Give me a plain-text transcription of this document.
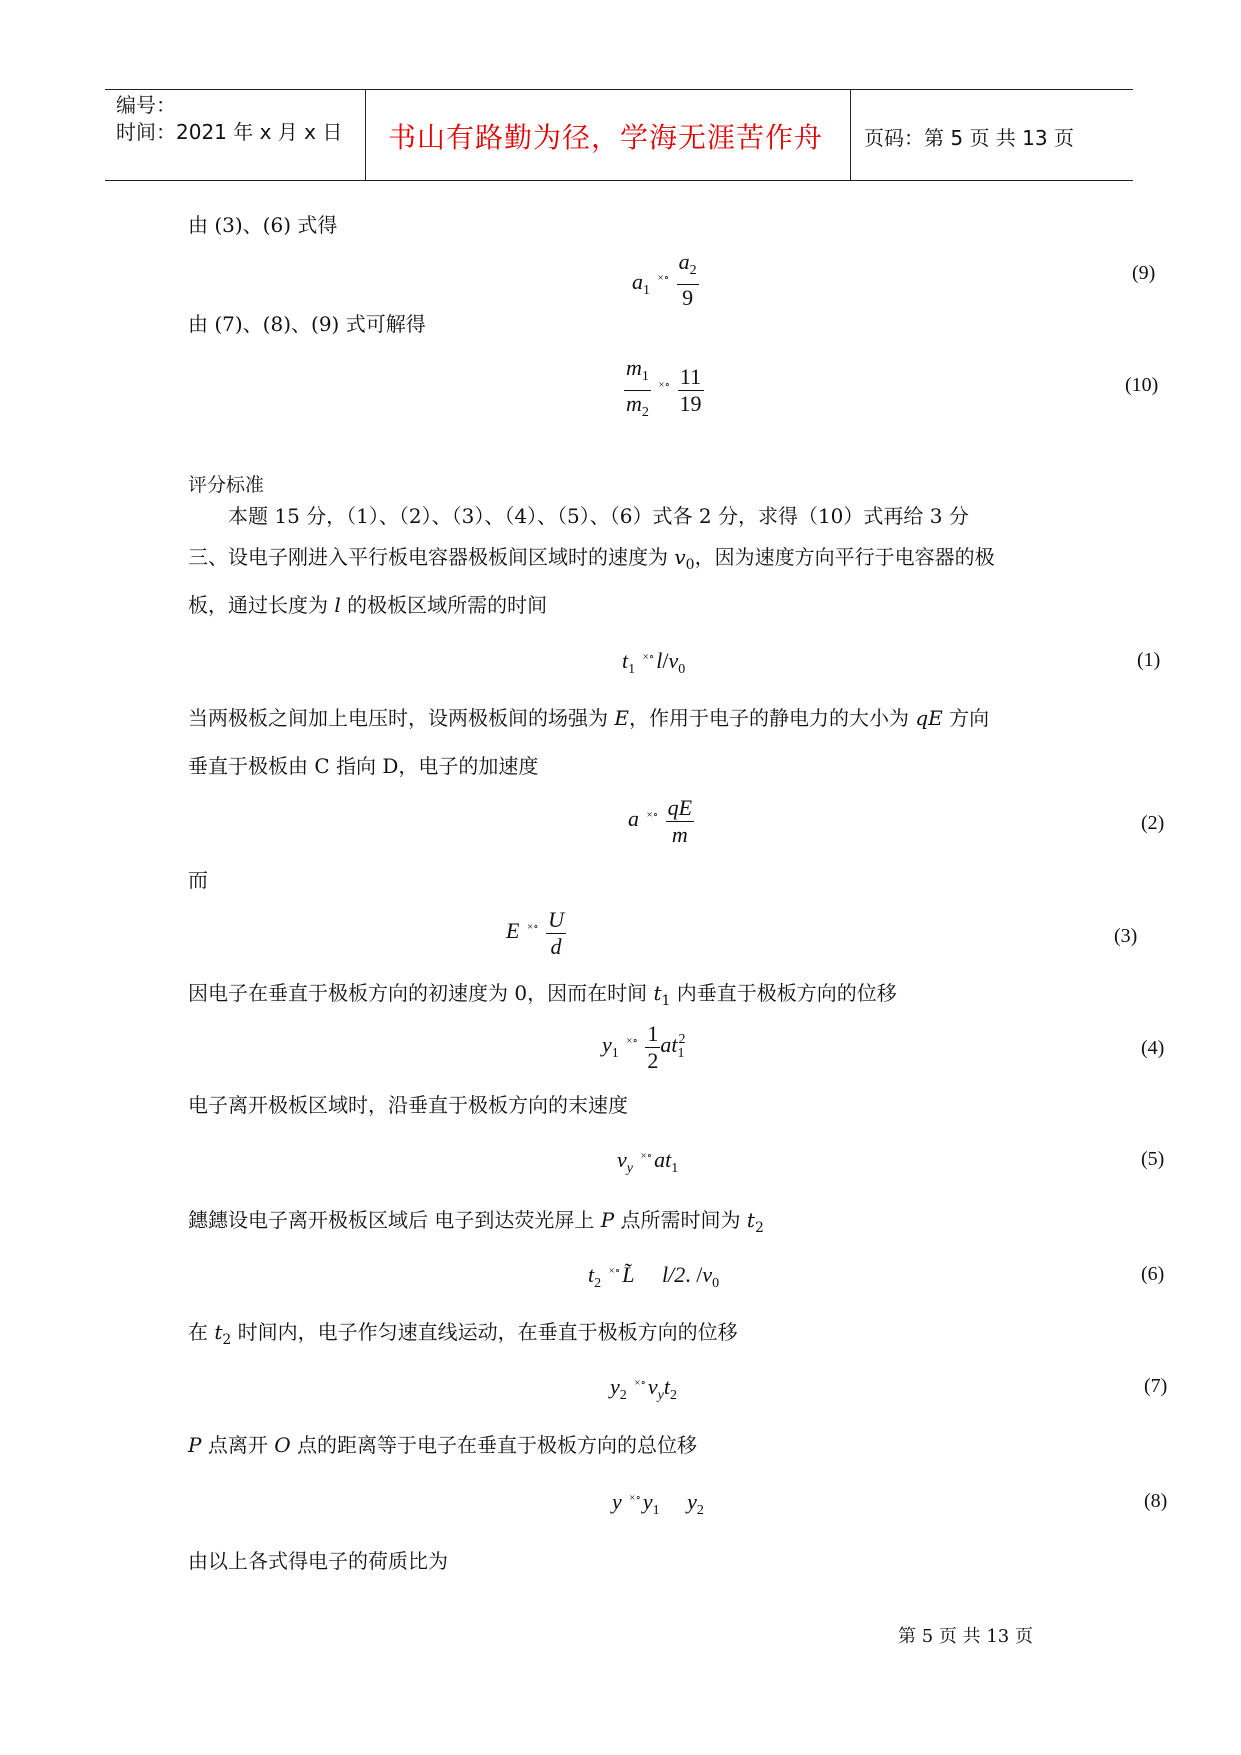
编号：
时间：2021 年 x 月 x 日 书山有路勤为径，学海无涯苦作舟 页码：第 5 页 共 13 页
由 (3)、(6) 式得
$a_1$ $^{\times\circ} \frac{a_2}{9}$	(9)
由 (7)、(8)、(9) 式可解得
$\frac{m_1}{m_2} ^{\times\circ} \frac{11}{19}$	(10)
评分标准
本题 15 分，（1）、（2）、（3）、（4）、（5）、（6）式各 2 分，求得（10）式再给 3 分
三、设电子刚进入平行板电容器极板间区域时的速度为 $v_0$，因为速度方向平行于电容器的极
板，通过长度为 l 的极板区域所需的时间
$t_1$ $^{\times\circ}l/v_0$	(1)
当两极板之间加上电压时，设两极板间的场强为 E，作用于电子的静电力的大小为 qE 方向
垂直于极板由 C 指向 D，电子的加速度
a $^{\times\circ} \frac{qE}{m}$	(2)
而
E $^{\times\circ} \frac{U}{d}$	(3)
因电子在垂直于极板方向的初速度为 0，因而在时间 $t_1$ 内垂直于极板方向的位移
$y_1$ $^{\times\circ} \frac{1}{2} at_1^2$	(4)
电子离开极板区域时，沿垂直于极板方向的末速度
$v_y$ $^{\times\circ}at_1$	(5)
鏸鏸设电子离开极板区域后 电子到达荧光屏上 P 点所需时间为 $t_2$
$t_2$ ×∘L̃ l/2. $/v_0$	(6)
在 $t_2$ 时间内，电子作匀速直线运动，在垂直于极板方向的位移
$y_2$ $^{\times\circ}v_yt_2$	(7)
P 点离开 O 点的距离等于电子在垂直于极板方向的总位移
y $^{\times\circ}y_1$ $y_2$	(8)
由以上各式得电子的荷质比为
第 5 页 共 13 页
